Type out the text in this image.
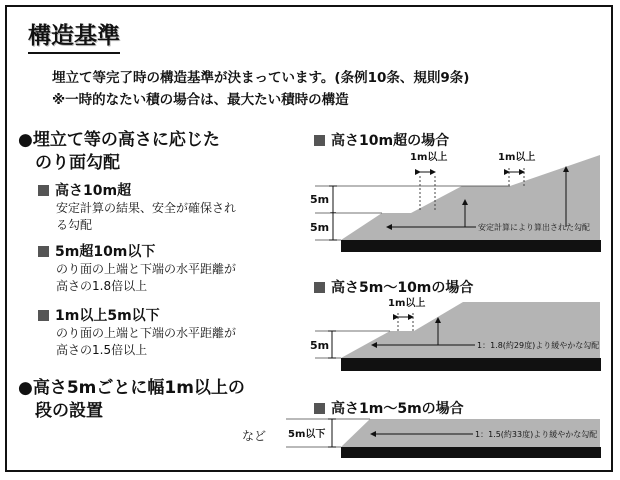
構造基準
埋立て等完了時の構造基準が決まっています。(条例10条、規則9条)
※一時的なたい積の場合は、最大たい積時の構造
●埋立て等の高さに応じた
のり面勾配
高さ10m超
安定計算の結果、安全が確保され
る勾配
5m超10m以下
のり面の上端と下端の水平距離が
高さの1.8倍以上
1m以上5m以下
のり面の上端と下端の水平距離が
高さの1.5倍以上
●高さ5mごとに幅1m以上の
段の設置
など
高さ10m超の場合
高さ5m～10mの場合
高さ1m～5mの場合
×
5m
5m
1m以上	1m以上
安定計算により算出された勾配
5m
1m以上
1：1.8(約29度)より緩やかな勾配
5m以下	1：1.5(約33度)より緩やかな勾配
